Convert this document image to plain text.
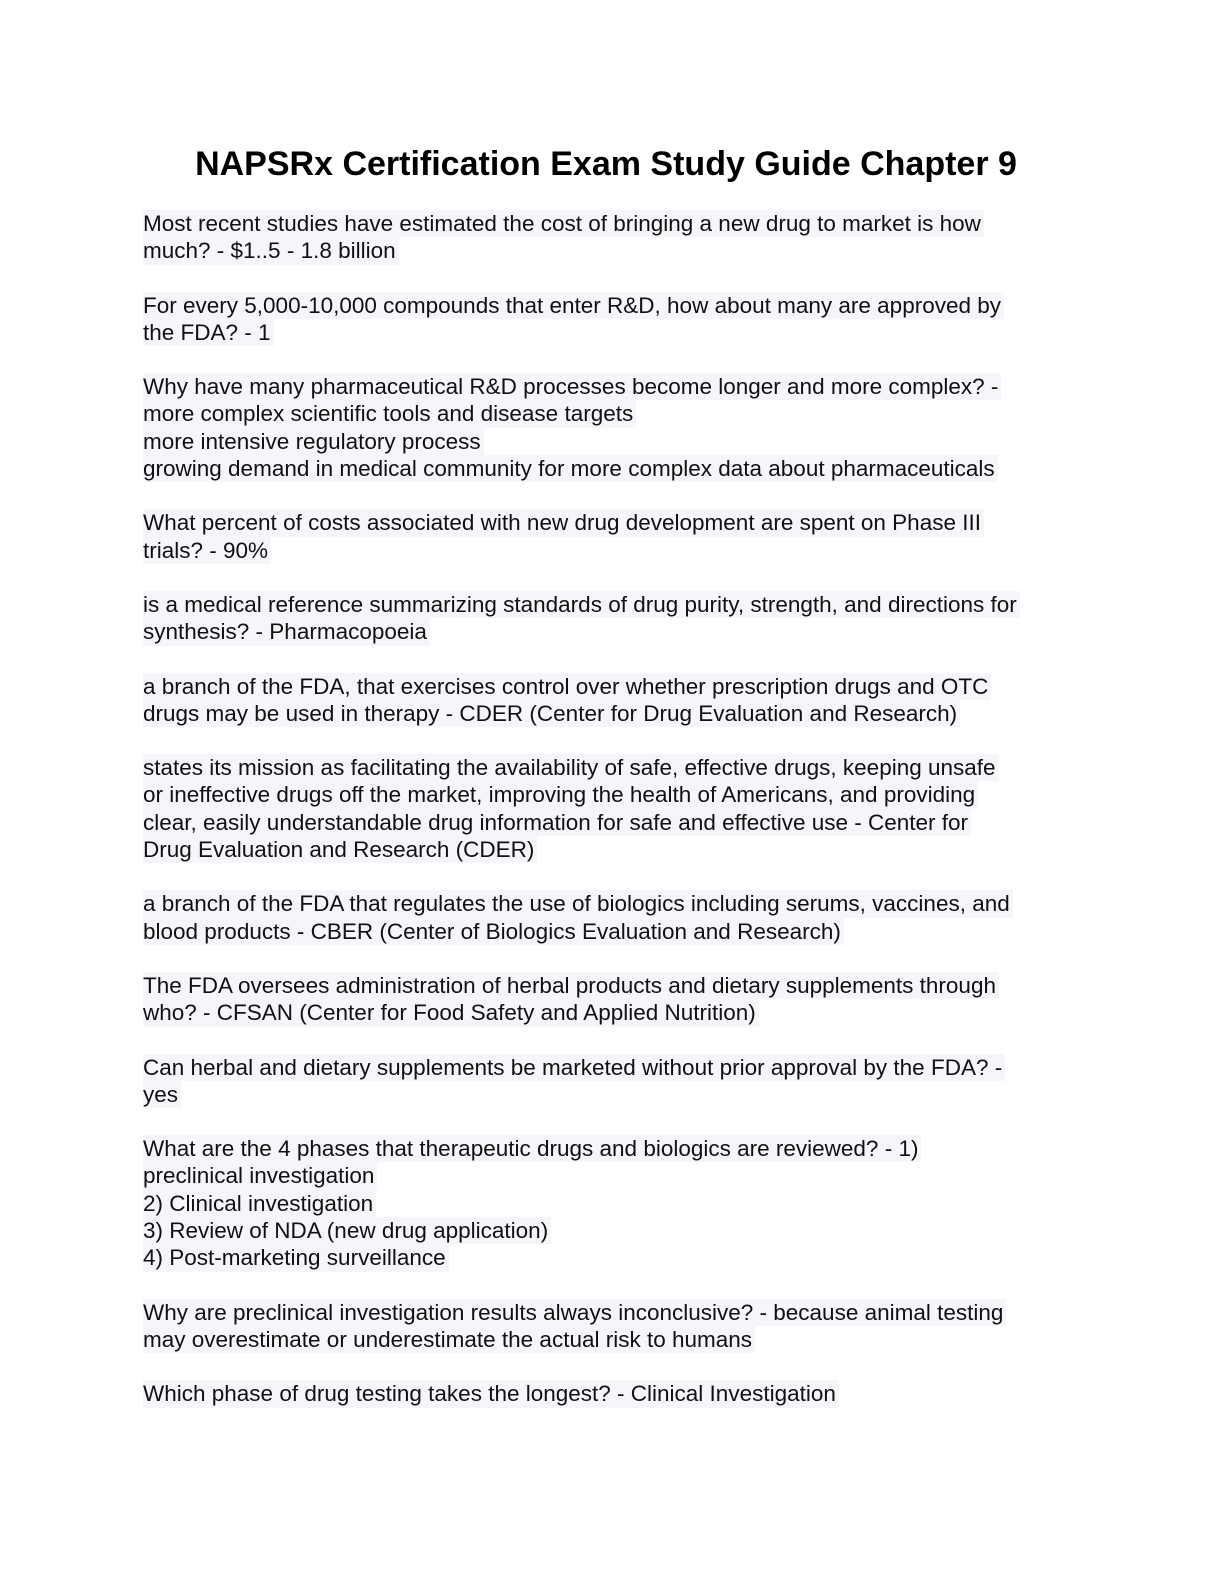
NAPSRx Certification Exam Study Guide Chapter 9
Most recent studies have estimated the cost of bringing a new drug to market is how
much? - $1..5 - 1.8 billion
For every 5,000-10,000 compounds that enter R&D, how about many are approved by
the FDA? - 1
Why have many pharmaceutical R&D processes become longer and more complex? -
more complex scientific tools and disease targets
more intensive regulatory process
growing demand in medical community for more complex data about pharmaceuticals
What percent of costs associated with new drug development are spent on Phase III
trials? - 90%
is a medical reference summarizing standards of drug purity, strength, and directions for
synthesis? - Pharmacopoeia
a branch of the FDA, that exercises control over whether prescription drugs and OTC
drugs may be used in therapy - CDER (Center for Drug Evaluation and Research)
states its mission as facilitating the availability of safe, effective drugs, keeping unsafe
or ineffective drugs off the market, improving the health of Americans, and providing
clear, easily understandable drug information for safe and effective use - Center for
Drug Evaluation and Research (CDER)
a branch of the FDA that regulates the use of biologics including serums, vaccines, and
blood products - CBER (Center of Biologics Evaluation and Research)
The FDA oversees administration of herbal products and dietary supplements through
who? - CFSAN (Center for Food Safety and Applied Nutrition)
Can herbal and dietary supplements be marketed without prior approval by the FDA? -
yes
What are the 4 phases that therapeutic drugs and biologics are reviewed? - 1)
preclinical investigation
2) Clinical investigation
3) Review of NDA (new drug application)
4) Post-marketing surveillance
Why are preclinical investigation results always inconclusive? - because animal testing
may overestimate or underestimate the actual risk to humans
Which phase of drug testing takes the longest? - Clinical Investigation
